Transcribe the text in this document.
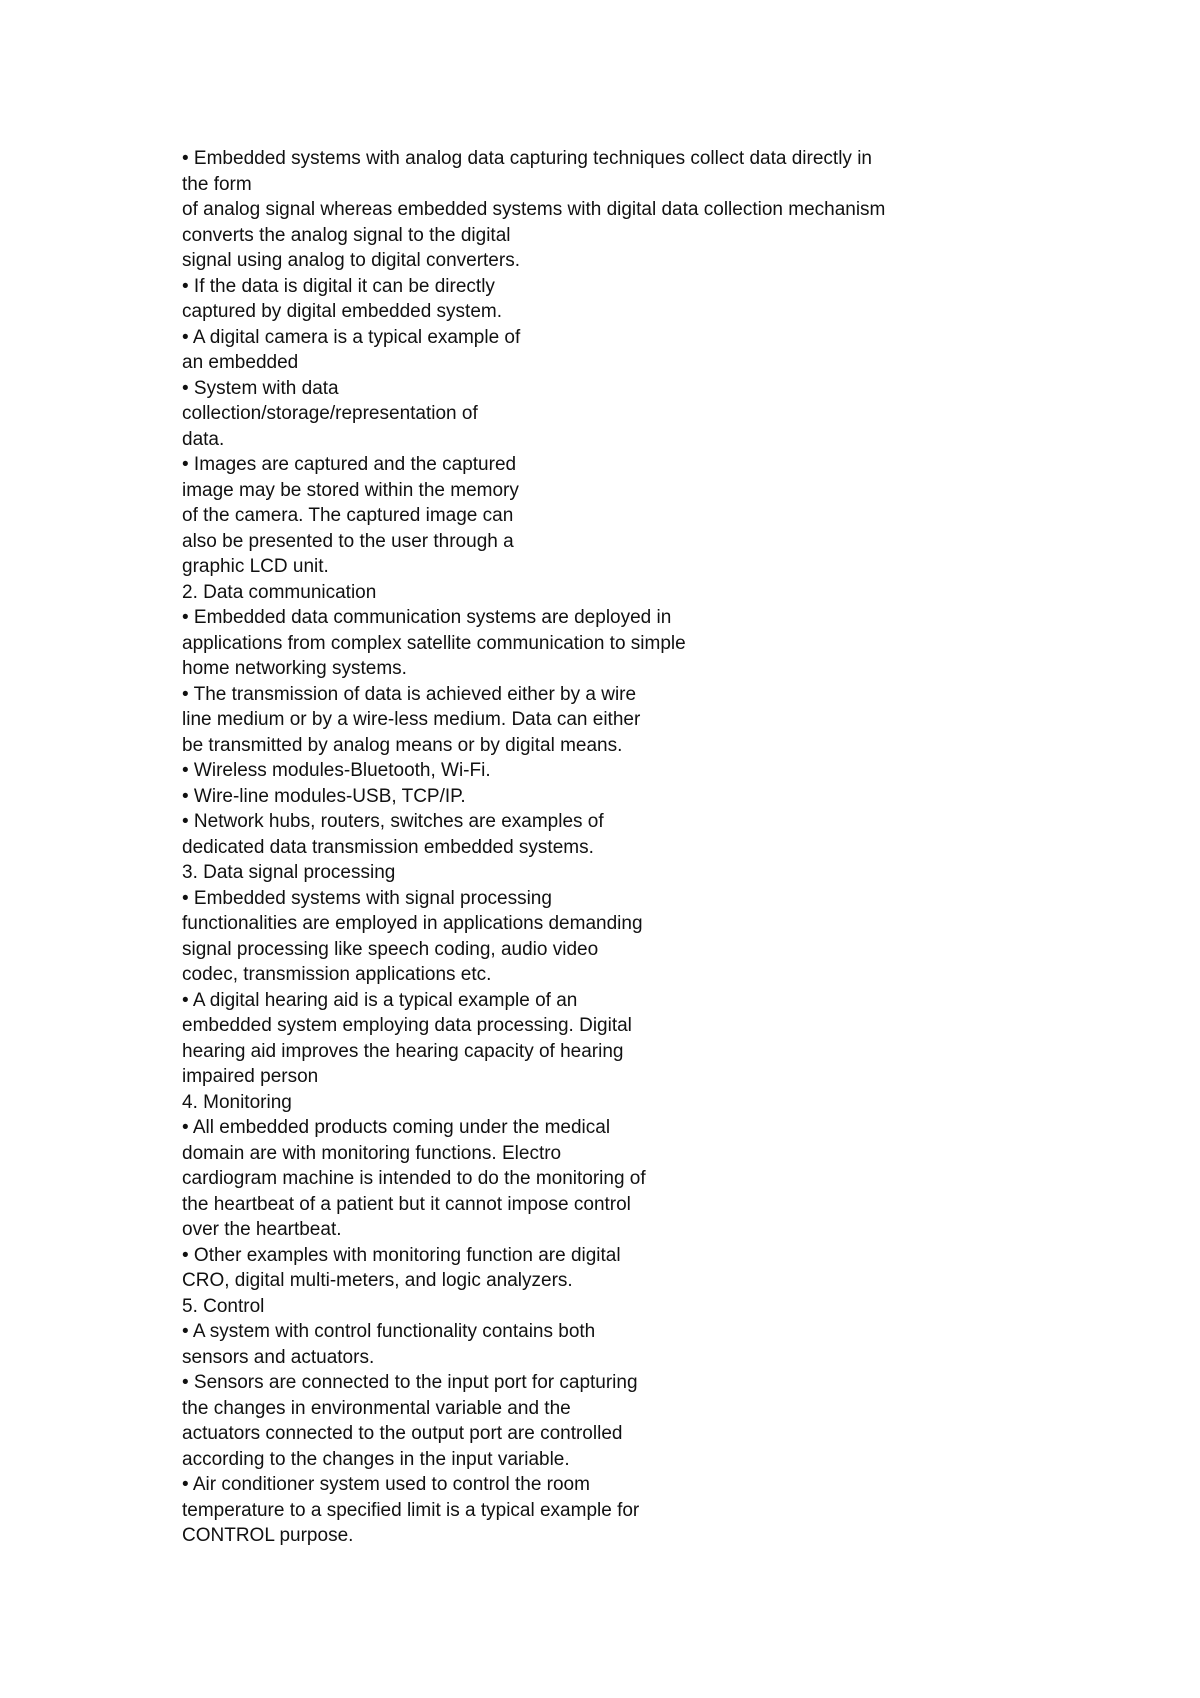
• Embedded systems with analog data capturing techniques collect data directly in
the form
of analog signal whereas embedded systems with digital data collection mechanism
converts the analog signal to the digital
signal using analog to digital converters.
• If the data is digital it can be directly
captured by digital embedded system.
• A digital camera is a typical example of
an embedded
• System with data
collection/storage/representation of
data.
• Images are captured and the captured
image may be stored within the memory
of the camera. The captured image can
also be presented to the user through a
graphic LCD unit.
2. Data communication
• Embedded data communication systems are deployed in
applications from complex satellite communication to simple
home networking systems.
• The transmission of data is achieved either by a wire
line medium or by a wire-less medium. Data can either
be transmitted by analog means or by digital means.
• Wireless modules-Bluetooth, Wi-Fi.
• Wire-line modules-USB, TCP/IP.
• Network hubs, routers, switches are examples of
dedicated data transmission embedded systems.
3. Data signal processing
• Embedded systems with signal processing
functionalities are employed in applications demanding
signal processing like speech coding, audio video
codec, transmission applications etc.
• A digital hearing aid is a typical example of an
embedded system employing data processing. Digital
hearing aid improves the hearing capacity of hearing
impaired person
4. Monitoring
• All embedded products coming under the medical
domain are with monitoring functions. Electro
cardiogram machine is intended to do the monitoring of
the heartbeat of a patient but it cannot impose control
over the heartbeat.
• Other examples with monitoring function are digital
CRO, digital multi-meters, and logic analyzers.
5. Control
• A system with control functionality contains both
sensors and actuators.
• Sensors are connected to the input port for capturing
the changes in environmental variable and the
actuators connected to the output port are controlled
according to the changes in the input variable.
• Air conditioner system used to control the room
temperature to a specified limit is a typical example for
CONTROL purpose.
